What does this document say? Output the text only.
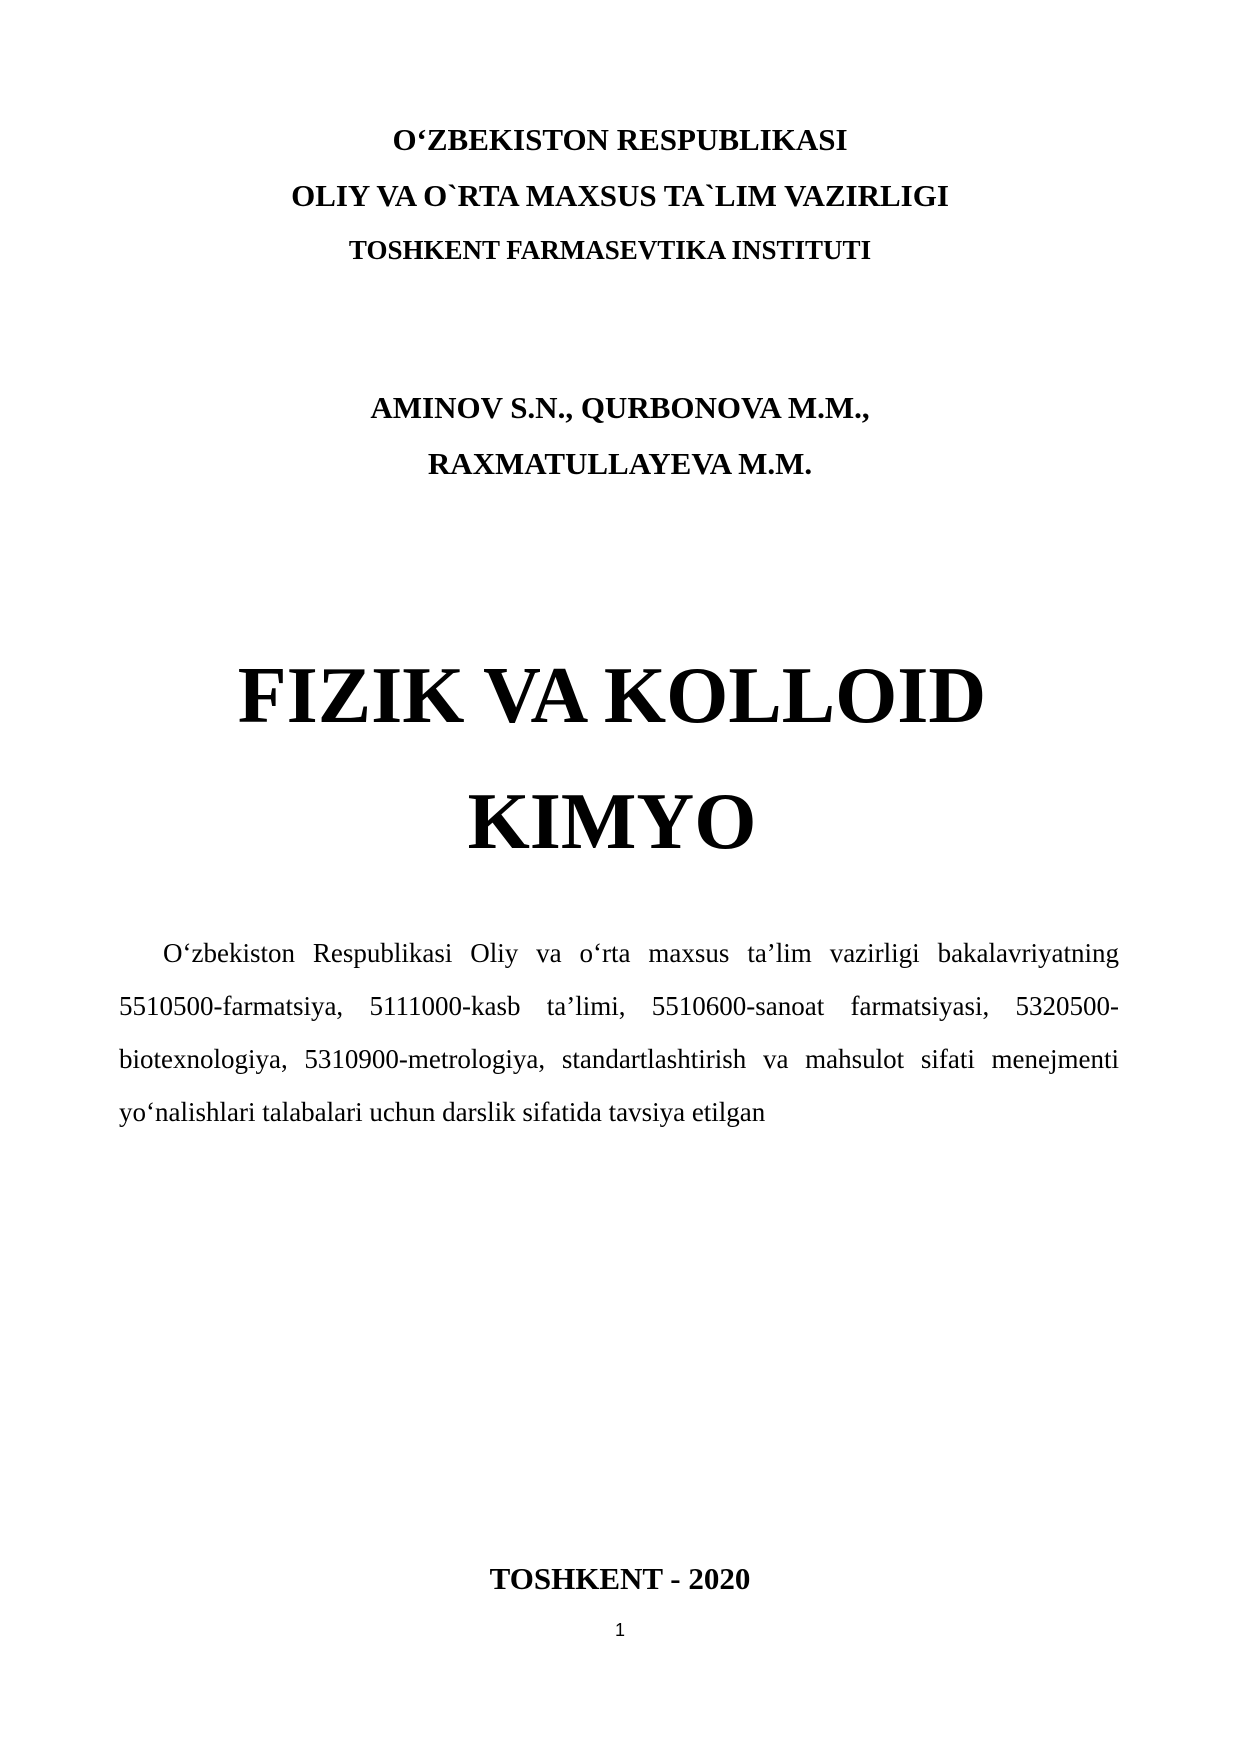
O‘ZBEKISTON RESPUBLIKASI
OLIY VA O`RTA MAXSUS TA`LIM VAZIRLIGI
TOSHKENT FARMASEVTIKA INSTITUTI
AMINOV S.N., QURBONOVA M.M.,
RAXMATULLAYEVA M.M.
FIZIK VA KOLLOID
KIMYO

O‘zbekiston Respublikasi Oliy va o‘rta maxsus ta’lim vazirligi bakalavriyatning 5510500-farmatsiya, 5111000-kasb ta’limi, 5510600-sanoat farmatsiyasi, 5320500-biotexnologiya, 5310900-metrologiya, standartlashtirish va mahsulot sifati menejmenti yo‘nalishlari talabalari uchun darslik sifatida tavsiya etilgan

TOSHKENT - 2020
1
